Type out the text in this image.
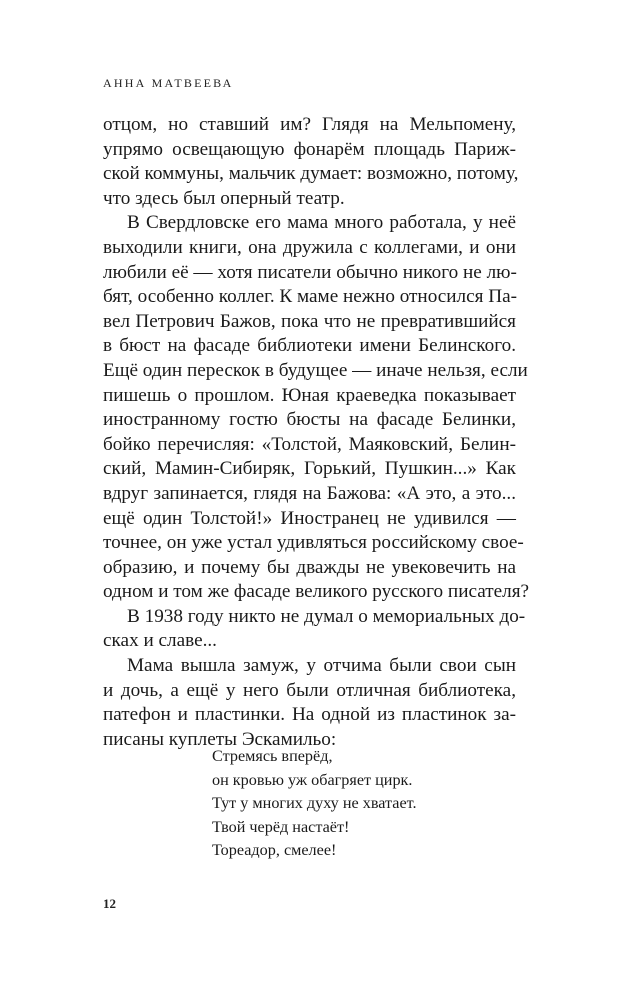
АННА МАТВЕЕВА
отцом, но ставший им? Глядя на Мельпомену,
упрямо освещающую фонарём площадь Париж-
ской коммуны, мальчик думает: возможно, потому,
что здесь был оперный театр.
В Свердловске его мама много работала, у неё
выходили книги, она дружила с коллегами, и они
любили её — хотя писатели обычно никого не лю-
бят, особенно коллег. К маме нежно относился Па-
вел Петрович Бажов, пока что не превратившийся
в бюст на фасаде библиотеки имени Белинского.
Ещё один перескок в будущее — иначе нельзя, если
пишешь о прошлом. Юная краеведка показывает
иностранному гостю бюсты на фасаде Белинки,
бойко перечисляя: «Толстой, Маяковский, Белин-
ский, Мамин-Сибиряк, Горький, Пушкин...» Как
вдруг запинается, глядя на Бажова: «А это, а это...
ещё один Толстой!» Иностранец не удивился —
точнее, он уже устал удивляться российскому свое-
образию, и почему бы дважды не увековечить на
одном и том же фасаде великого русского писателя?
В 1938 году никто не думал о мемориальных до-
сках и славе...
Мама вышла замуж, у отчима были свои сын
и дочь, а ещё у него были отличная библиотека,
патефон и пластинки. На одной из пластинок за-
писаны куплеты Эскамильо:
Стремясь вперёд,
он кровью уж обагряет цирк.
Тут у многих духу не хватает.
Твой черёд настаёт!
Тореадор, смелее!
12
